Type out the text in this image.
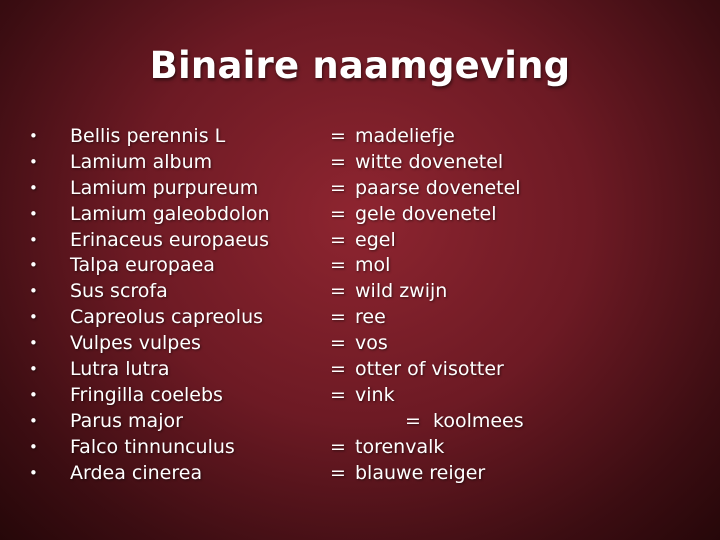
Binaire naamgeving
• Bellis perennis L	= madeliefje
• Lamium album	= witte dovenetel
• Lamium purpureum	= paarse dovenetel
• Lamium galeobdolon	= gele dovenetel
• Erinaceus europaeus	= egel
• Talpa europaea	= mol
• Sus scrofa	= wild zwijn
• Capreolus capreolus	= ree
• Vulpes vulpes	= vos
• Lutra lutra	= otter of visotter
• Fringilla coelebs	= vink
• Parus major	=  koolmees
• Falco tinnunculus	= torenvalk
• Ardea cinerea	= blauwe reiger
